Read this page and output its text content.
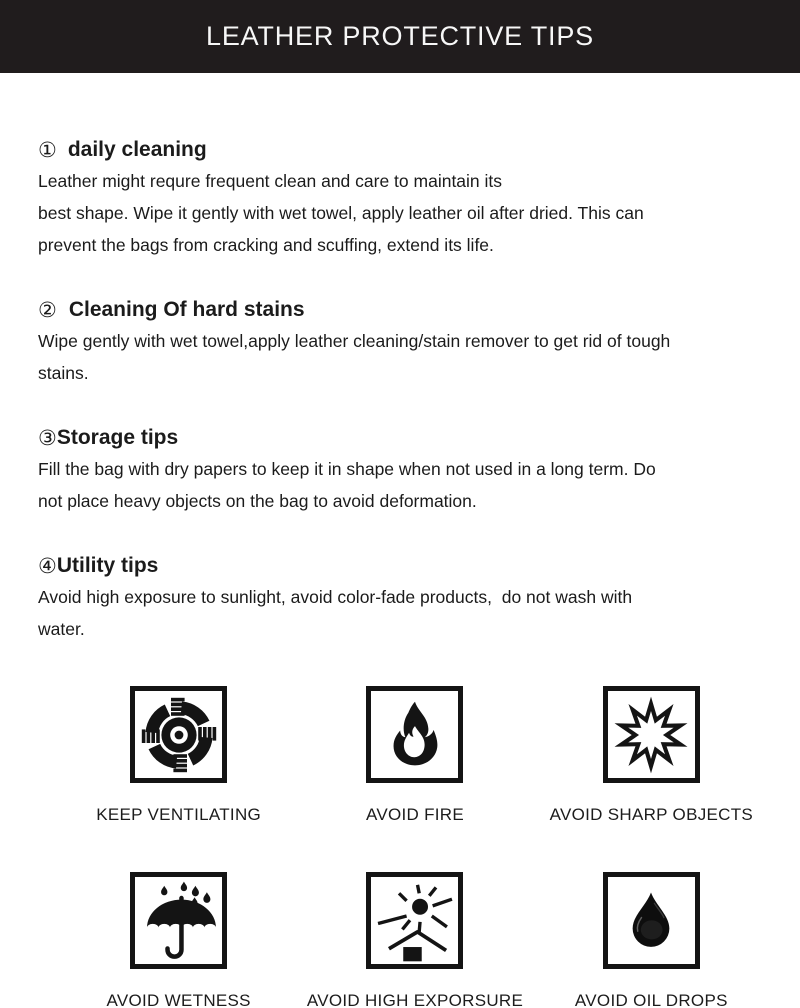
LEATHER PROTECTIVE TIPS
① daily cleaning

Leather might requre frequent clean and care to maintain its

best shape. Wipe it gently with wet towel, apply leather oil after dried. This can

prevent the bags from cracking and scuffing, extend its life.

② Cleaning Of hard stains

Wipe gently with wet towel,apply leather cleaning/stain remover to get rid of tough

stains.

③ Storage tips

Fill the bag with dry papers to keep it in shape when not used in a long term. Do

not place heavy objects on the bag to avoid deformation.

④ Utility tips

Avoid high exposure to sunlight, avoid color-fade products,  do not wash with

water.

KEEP VENTILATING	AVOID FIRE	AVOID SHARP OBJECTS
AVOID WETNESS	AVOID HIGH EXPORSURE	AVOID OIL DROPS
